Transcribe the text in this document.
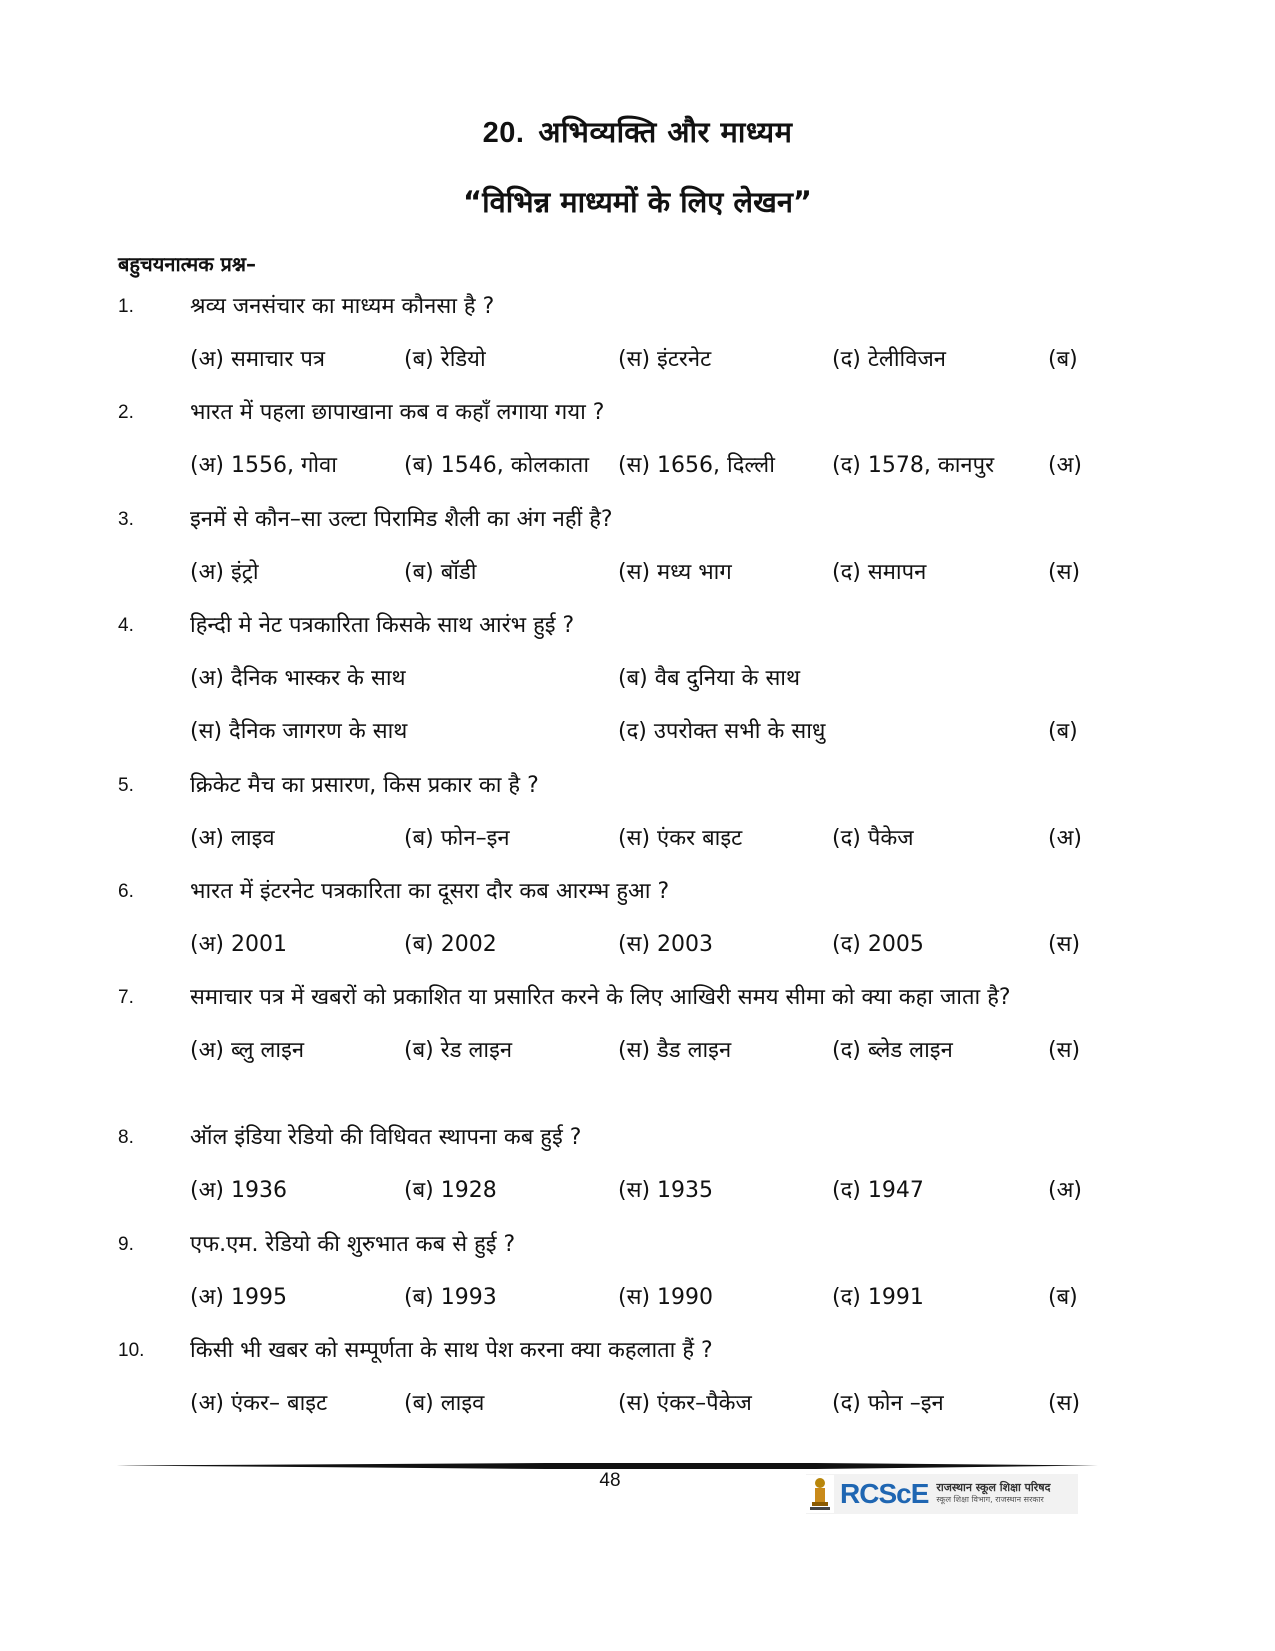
20. अभिव्यक्ति और माध्यम
“विभिन्न माध्यमों के लिए लेखन”
बहुचयनात्मक प्रश्न–
1.	श्रव्य जनसंचार का माध्यम कौनसा है ?
(अ) समाचार पत्र	(ब) रेडियो	(स) इंटरनेट	(द) टेलीविजन	(ब)
2.	भारत में पहला छापाखाना कब व कहाँ लगाया गया ?
(अ) 1556, गोवा	(ब) 1546, कोलकाता (स) 1656, दिल्ली	(द) 1578, कानपुर (अ)
3.	इनमें से कौन–सा उल्टा पिरामिड शैली का अंग नहीं है?
(अ) इंट्रो	(ब) बॉडी	(स) मध्य भाग	(द) समापन	(स)
4.	हिन्दी मे नेट पत्रकारिता किसके साथ आरंभ हुई ?
(अ) दैनिक भास्कर के साथ	(ब) वैब दुनिया के साथ
(स) दैनिक जागरण के साथ	(द) उपरोक्त सभी के साधु	(ब)
5.	क्रिकेट मैच का प्रसारण, किस प्रकार का है ?
(अ) लाइव	(ब) फोन–इन	(स) एंकर बाइट	(द) पैकेज	(अ)
6.	भारत में इंटरनेट पत्रकारिता का दूसरा दौर कब आरम्भ हुआ ?
(अ) 2001	(ब) 2002	(स) 2003	(द) 2005	(स)
7.	समाचार पत्र में खबरों को प्रकाशित या प्रसारित करने के लिए आखिरी समय सीमा को क्या कहा जाता है?
(अ) ब्लु लाइन	(ब) रेड लाइन	(स) डैड लाइन	(द) ब्लेड लाइन	(स)
8.	ऑल इंडिया रेडियो की विधिवत स्थापना कब हुई ?
(अ) 1936	(ब) 1928	(स) 1935	(द) 1947	(अ)
9.	एफ.एम. रेडियो की शुरुभात कब से हुई ?
(अ) 1995	(ब) 1993	(स) 1990	(द) 1991	(ब)
10.	किसी भी खबर को सम्पूर्णता के साथ पेश करना क्या कहलाता हैं ?
(अ) एंकर– बाइट	(ब) लाइव	(स) एंकर–पैकेज	(द) फोन –इन	(स)
48	RCScE राजस्थान स्कूल शिक्षा परिषद
स्कूल शिक्षा विभाग, राजस्थान सरकार
